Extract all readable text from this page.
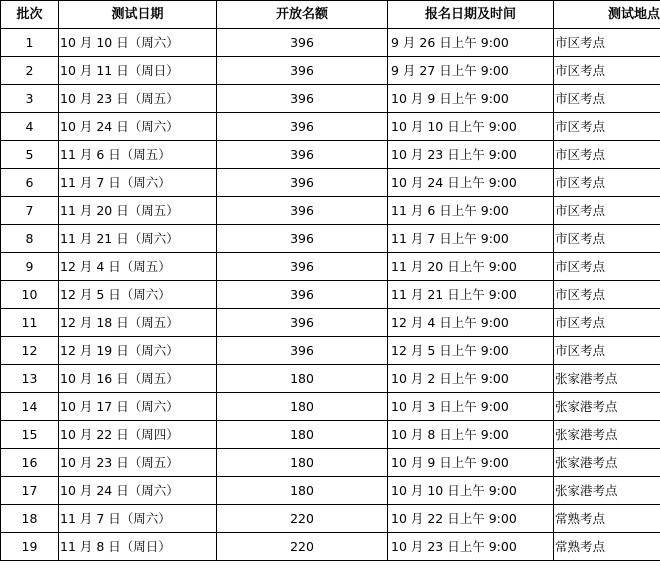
批次	测试日期	开放名额	报名日期及时间	测试地点
1	10 月 10 日（周六）	396	9 月 26 日上午 9:00	市区考点
2	10 月 11 日（周日）	396	9 月 27 日上午 9:00	市区考点
3	10 月 23 日（周五）	396	10 月 9 日上午 9:00	市区考点
4	10 月 24 日（周六）	396	10 月 10 日上午 9:00	市区考点
5	11 月 6 日（周五）	396	10 月 23 日上午 9:00	市区考点
6	11 月 7 日（周六）	396	10 月 24 日上午 9:00	市区考点
7	11 月 20 日（周五）	396	11 月 6 日上午 9:00	市区考点
8	11 月 21 日（周六）	396	11 月 7 日上午 9:00	市区考点
9	12 月 4 日（周五）	396	11 月 20 日上午 9:00	市区考点
10	12 月 5 日（周六）	396	11 月 21 日上午 9:00	市区考点
11	12 月 18 日（周五）	396	12 月 4 日上午 9:00	市区考点
12	12 月 19 日（周六）	396	12 月 5 日上午 9:00	市区考点
13	10 月 16 日（周五）	180	10 月 2 日上午 9:00	张家港考点
14	10 月 17 日（周六）	180	10 月 3 日上午 9:00	张家港考点
15	10 月 22 日（周四）	180	10 月 8 日上午 9:00	张家港考点
16	10 月 23 日（周五）	180	10 月 9 日上午 9:00	张家港考点
17	10 月 24 日（周六）	180	10 月 10 日上午 9:00	张家港考点
18	11 月 7 日（周六）	220	10 月 22 日上午 9:00	常熟考点
19	11 月 8 日（周日）	220	10 月 23 日上午 9:00	常熟考点
